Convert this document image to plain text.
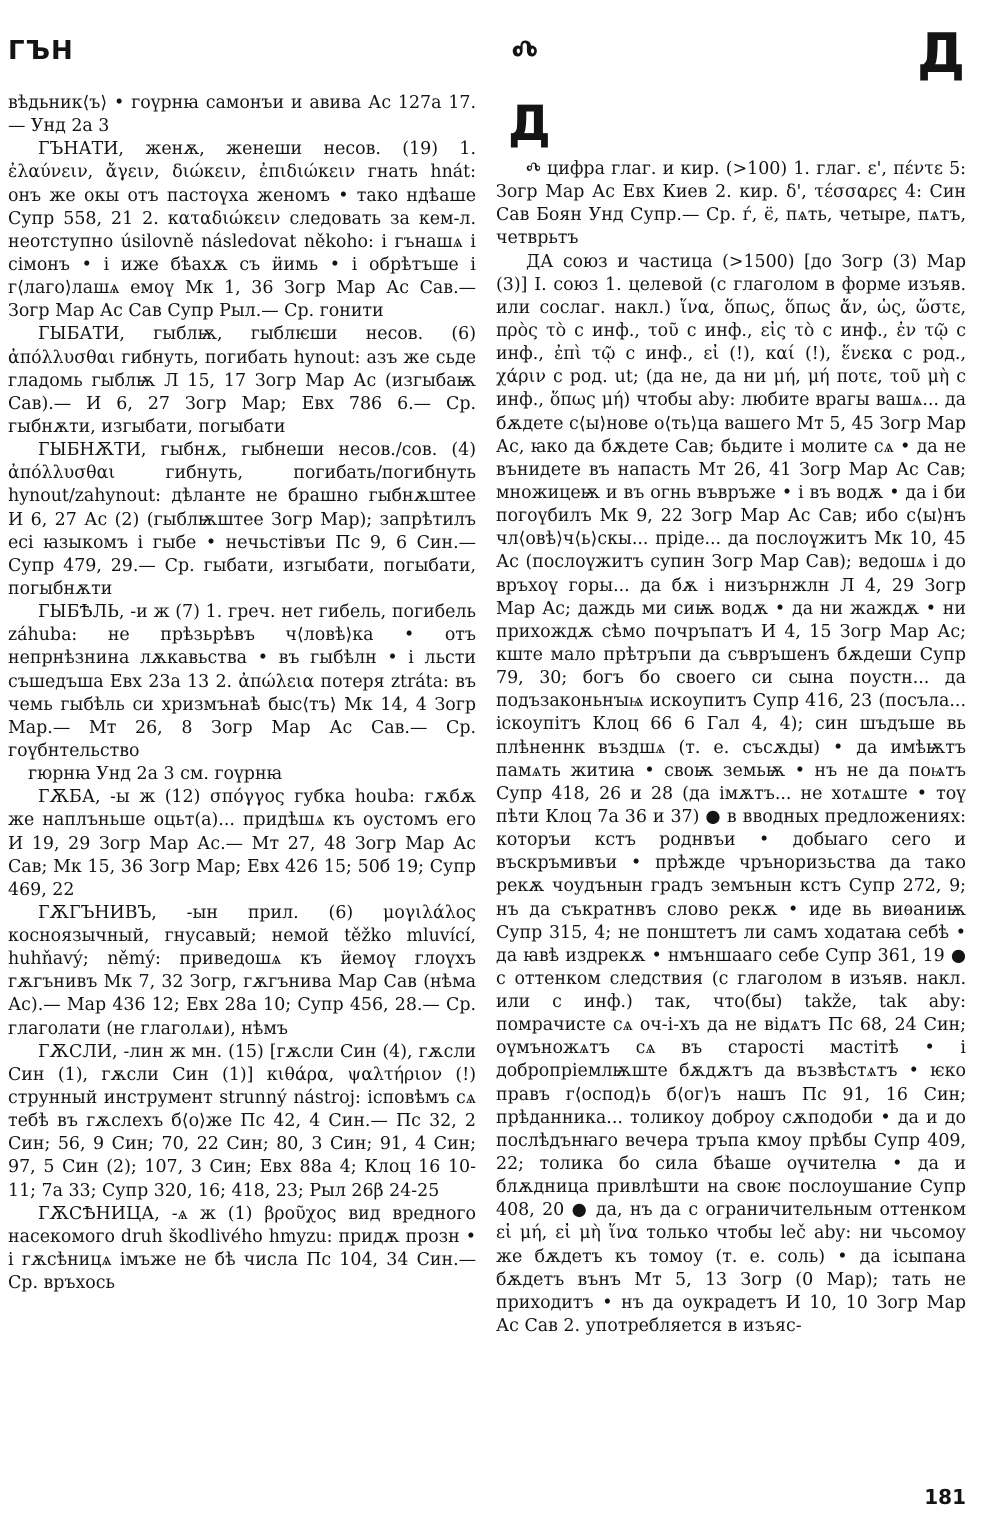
ГЪН	Ⰴ	Д

вѣдьник⟨ъ⟩ • гоүрнꙗ самонъи и авива Ас 127а 17.— Унд 2а 3

ГЪНАТИ, женѫ, женеши несов. (19) 1. ἐλαύνειν, ἄγειν, διώκειν, ἐπιδιώκειν гнать hnát: онъ же окы отъ пастоүха женомъ • тако ндѣаше Супр 558, 21 2. καταδιώκειν следовать за кем-л. неотступно úsilovně následovat někoho: і гънашѧ і сімонъ • і иже бѣахѫ съ ӥимь • і обрѣтъше і г⟨лаго⟩лашѧ емоү Мк 1, 36 Зогр Мар Ас Сав.— Зогр Мар Ас Сав Супр Рыл.— Ср. гонити

ГЫБАТИ, гыблѭ, гыблѥши несов. (6) ἀπόλλυσθαι гибнуть, погибать hynout: азъ же сьде гладомь гыблѭ Л 15, 17 Зогр Мар Ас (изгыбаѭ Сав).— И 6, 27 Зогр Мар; Евх 786 6.— Ср. гыбнѫти, изгыбати, погыбати

ГЫБНѪТИ, гыбнѫ, гыбнеши несов./сов. (4) ἀπόλλυσθαι гибнуть, погибать/погибнуть hynout/zahynout: дѣланте не брашно гыбнѫштее И 6, 27 Ас (2) (гыблѭштее Зогр Мар); запрѣтилъ есі ꙗзыкомъ і гыбе • нечьстівъи Пс 9, 6 Син.— Супр 479, 29.— Ср. гыбати, изгыбати, погыбати, погыбнѫти

ГЫБѢЛЬ, -и ж (7) 1. греч. нет гибель, погибель záhuba: не прѣзьрѣвъ ч⟨ловѣ⟩ка • отъ непрнѣзнина лѫкавьства • въ гыбѣлн • і льсти съшедъша Евх 23а 13 2. ἀπώλεια потеря ztráta: въ чемь гыбѣль си хризмънаѣ быс⟨тъ⟩ Мк 14, 4 Зогр Мар.— Мт 26, 8 Зогр Мар Ас Сав.— Ср. гоүбнтельство

гюрнꙗ Унд 2а 3 см. гоүрнꙗ

ГѪБА, -ы ж (12) σπόγγος губка houba: гѫбѫ же наплъньше оцьт(а)... придѣшѧ къ оустомъ его И 19, 29 Зогр Мар Ас.— Мт 27, 48 Зогр Мар Ас Сав; Мк 15, 36 Зогр Мар; Евх 426 15; 50б 19; Супр 469, 22

ГѪГЪНИВЪ, -ын прил. (6) μογιλάλος косноязычный, гнусавый; немой těžko mluvící, huhňavý; němý: приведошѧ къ ӥемоү глоүхъ гѫгънивъ Мк 7, 32 Зогр, гѫгънива Мар Сав (нѣма Ас).— Мар 436 12; Евх 28а 10; Супр 456, 28.— Ср. глаголати (не глаголѧи), нѣмъ

ГѪСЛИ, -лин ж мн. (15) [гѫсли Син (4), гѫсли Син (1), гѫсли Син (1)] κιθάρα, ψαλτήριον (!) струнный инструмент strunný nástroj: ісповѣмъ сѧ тебѣ въ гѫслехъ б⟨о⟩же Пс 42, 4 Син.— Пс 32, 2 Син; 56, 9 Син; 70, 22 Син; 80, 3 Син; 91, 4 Син; 97, 5 Син (2); 107, 3 Син; Евх 88а 4; Клоц 16 10-11; 7а 33; Супр 320, 16; 418, 23; Рыл 26β 24-25

ГѪСѢНИЦА, -ѧ ж (1) βροῦχος вид вредного насекомого druh škodlivého hmyzu: придѫ прозн • і гѫсѣницѧ імъже не бѣ числа Пс 104, 34 Син.— Ср. връхось

Д

Ⰴ цифра глаг. и кир. (>100) 1. глаг. ε', πέντε 5: Зогр Мар Ас Евх Киев 2. кир. δ', τέσσαρες 4: Син Сав Боян Унд Супр.— Ср. ѓ, є̈, пѧть, четыре, пѧтъ, четврьтъ

ДА союз и частица (>1500) [до Зогр (3) Мар (3)] I. союз 1. целевой (с глаголом в форме изъяв. или сослаг. накл.) ἵνα, ὅπως, ὅπως ἄν, ὡς, ὥστε, πρὸς τὸ с инф., τοῦ с инф., εἰς τὸ с инф., ἐν τῷ с инф., ἐπὶ τῷ с инф., εἰ (!), καί (!), ἕνεκα с род., χάριν с род. ut; (да не, да ни μή, μή ποτε, τοῦ μὴ с инф., ὅπως μή) чтобы aby: любите врагы вашѧ... да бѫдете с⟨ы⟩нове о⟨ть⟩ца вашего Мт 5, 45 Зогр Мар Ас, ꙗко да бѫдете Сав; бьдите і молите сѧ • да не вънидете въ напасть Мт 26, 41 Зогр Мар Ас Сав; множицеѭ и въ огнь въвръже • і въ водѫ • да і би погоүбилъ Мк 9, 22 Зогр Мар Ас Сав; ибо с⟨ы⟩нъ чл⟨овѣ⟩ч⟨ь⟩скы... пріде... да послоүжитъ Мк 10, 45 Ас (послоүжитъ супин Зогр Мар Сав); ведошѧ і до връхоү горы... да бѫ і низърнжлн Л 4, 29 Зогр Мар Ас; даждь ми сиѭ водѫ • да ни жаждѫ • ни прихождѫ сѣмо почръпатъ И 4, 15 Зогр Мар Ас; кште мало прѣтръпи да съвръшенъ бѫдеши Супр 79, 30; богъ бо своего си сына поустн... да подъзаконьнꙑѩ искоупитъ Супр 416, 23 (посъла... іскоупітъ Клоц 66 6 Гал 4, 4); син шъдъше вь плѣненнк въздшѧ (т. е. съсѫды) • да имѣѭтъ памѧть житиꙗ • своѭ земьѭ • нъ не да поѩтъ Супр 418, 26 и 28 (да імѫтъ... не хотѧште • тоү пѣти Клоц 7а 36 и 37) ● в вводных предложениях: которъи кстъ роднвъи • добыаго сего и въскръмивъи • прѣжде чръноризьства да тако рекѫ чоудънын градъ земънын кстъ Супр 272, 9; нъ да съкратнвъ слово рекѫ • иде вь виѳаниѭ Супр 315, 4; не понштетъ ли самъ ходатаꙗ себѣ • да ꙗвѣ издрекѫ • нмъншааго себе Супр 361, 19 ● с оттенком следствия (с глаголом в изъяв. накл. или с инф.) так, что(бы) takže, tak aby: помрачисте сѧ оч-і-хъ да не відѧтъ Пс 68, 24 Син; оүмъножѧтъ сѧ въ старості мастітѣ • і добропріемлѭште бѫдѫтъ да възвѣстѧтъ • ѥко правъ г⟨оспод⟩ь б⟨ог⟩ъ нашъ Пс 91, 16 Син; прѣданника... толикоу доброу сѫподоби • да и до послѣдънꙗго вечера тръпа кмоу прѣбы Супр 409, 22; толика бо сила бѣаше оүчителꙗ • да и блѫдница привлѣшти на своѥ послоушание Супр 408, 20 ● да, нъ да с ограничительным оттенком εἰ μή, εἰ μὴ ἵνα только чтобы leč aby: ни чьсомоу же бѫдетъ къ томоу (т. е. соль) • да ісыпана бѫдетъ вънъ Мт 5, 13 Зогр (0 Мар); тать не приходитъ • нъ да оукрадетъ И 10, 10 Зогр Мар Ас Сав 2. употребляется в изъяс-

181
